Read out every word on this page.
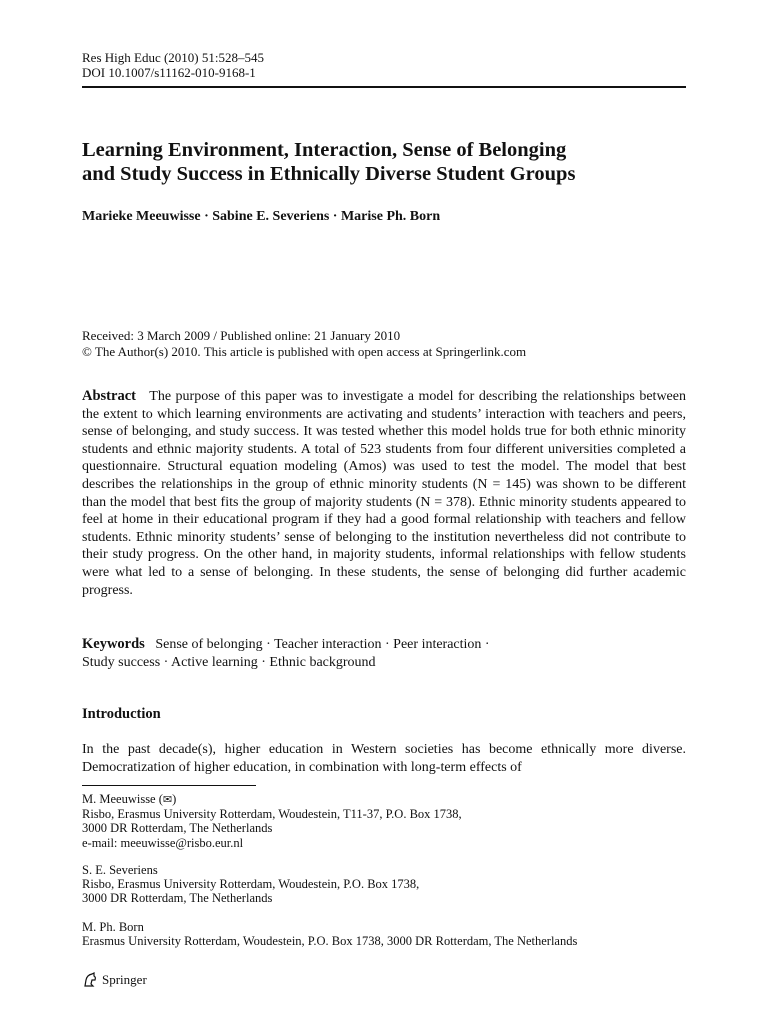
Res High Educ (2010) 51:528–545
DOI 10.1007/s11162-010-9168-1
Learning Environment, Interaction, Sense of Belonging
and Study Success in Ethnically Diverse Student Groups
Marieke Meeuwisse · Sabine E. Severiens · Marise Ph. Born
Received: 3 March 2009 / Published online: 21 January 2010
© The Author(s) 2010. This article is published with open access at Springerlink.com
Abstract The purpose of this paper was to investigate a model for describing the relationships between the extent to which learning environments are activating and students’ interaction with teachers and peers, sense of belonging, and study success. It was tested whether this model holds true for both ethnic minority students and ethnic majority students. A total of 523 students from four different universities completed a questionnaire. Structural equation modeling (Amos) was used to test the model. The model that best describes the relationships in the group of ethnic minority students (N = 145) was shown to be different than the model that best fits the group of majority students (N = 378). Ethnic minority students appeared to feel at home in their educational program if they had a good formal relationship with teachers and fellow students. Ethnic minority students’ sense of belonging to the institution nevertheless did not contribute to their study progress. On the other hand, in majority students, informal relationships with fellow students were what led to a sense of belonging. In these students, the sense of belonging did further academic progress.
Keywords Sense of belonging · Teacher interaction · Peer interaction ·
Study success · Active learning · Ethnic background
Introduction
In the past decade(s), higher education in Western societies has become ethnically more diverse. Democratization of higher education, in combination with long-term effects of
M. Meeuwisse (✉)
Risbo, Erasmus University Rotterdam, Woudestein, T11-37, P.O. Box 1738,
3000 DR Rotterdam, The Netherlands
e-mail: meeuwisse@risbo.eur.nl
S. E. Severiens
Risbo, Erasmus University Rotterdam, Woudestein, P.O. Box 1738,
3000 DR Rotterdam, The Netherlands
M. Ph. Born
Erasmus University Rotterdam, Woudestein, P.O. Box 1738, 3000 DR Rotterdam, The Netherlands
Springer
